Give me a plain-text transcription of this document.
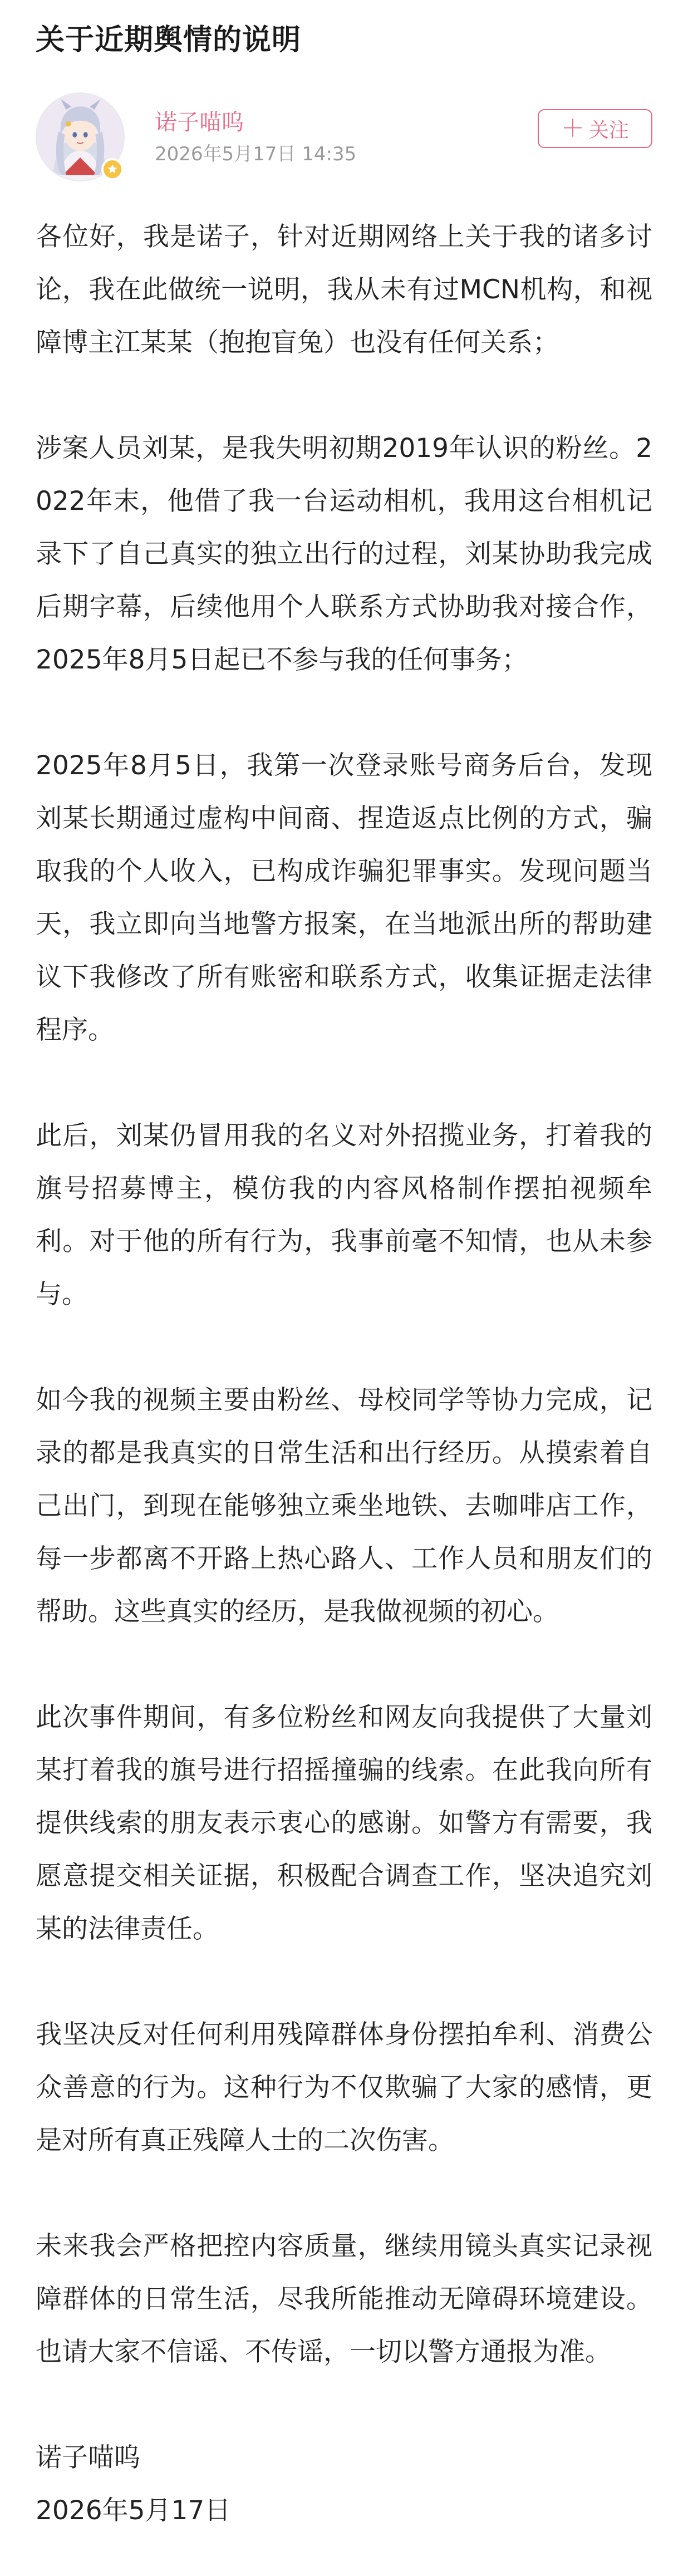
关于近期舆情的说明
诺子喵呜
2026年5月17日 14:35
＋ 关注

各位好，我是诺子，针对近期网络上关于我的诸多讨论，我在此做统一说明，我从未有过MCN机构，和视障博主江某某（抱抱盲兔）也没有任何关系；

涉案人员刘某，是我失明初期2019年认识的粉丝。2022年末，他借了我一台运动相机，我用这台相机记录下了自己真实的独立出行的过程，刘某协助我完成后期字幕，后续他用个人联系方式协助我对接合作，2025年8月5日起已不参与我的任何事务；

2025年8月5日，我第一次登录账号商务后台，发现刘某长期通过虚构中间商、捏造返点比例的方式，骗取我的个人收入，已构成诈骗犯罪事实。发现问题当天，我立即向当地警方报案，在当地派出所的帮助建议下我修改了所有账密和联系方式，收集证据走法律程序。

此后，刘某仍冒用我的名义对外招揽业务，打着我的旗号招募博主，模仿我的内容风格制作摆拍视频牟利。对于他的所有行为，我事前毫不知情，也从未参与。

如今我的视频主要由粉丝、母校同学等协力完成，记录的都是我真实的日常生活和出行经历。从摸索着自己出门，到现在能够独立乘坐地铁、去咖啡店工作，每一步都离不开路上热心路人、工作人员和朋友们的帮助。这些真实的经历，是我做视频的初心。

此次事件期间，有多位粉丝和网友向我提供了大量刘某打着我的旗号进行招摇撞骗的线索。在此我向所有提供线索的朋友表示衷心的感谢。如警方有需要，我愿意提交相关证据，积极配合调查工作，坚决追究刘某的法律责任。

我坚决反对任何利用残障群体身份摆拍牟利、消费公众善意的行为。这种行为不仅欺骗了大家的感情，更是对所有真正残障人士的二次伤害。

未来我会严格把控内容质量，继续用镜头真实记录视障群体的日常生活，尽我所能推动无障碍环境建设。也请大家不信谣、不传谣，一切以警方通报为准。

诺子喵呜
2026年5月17日
